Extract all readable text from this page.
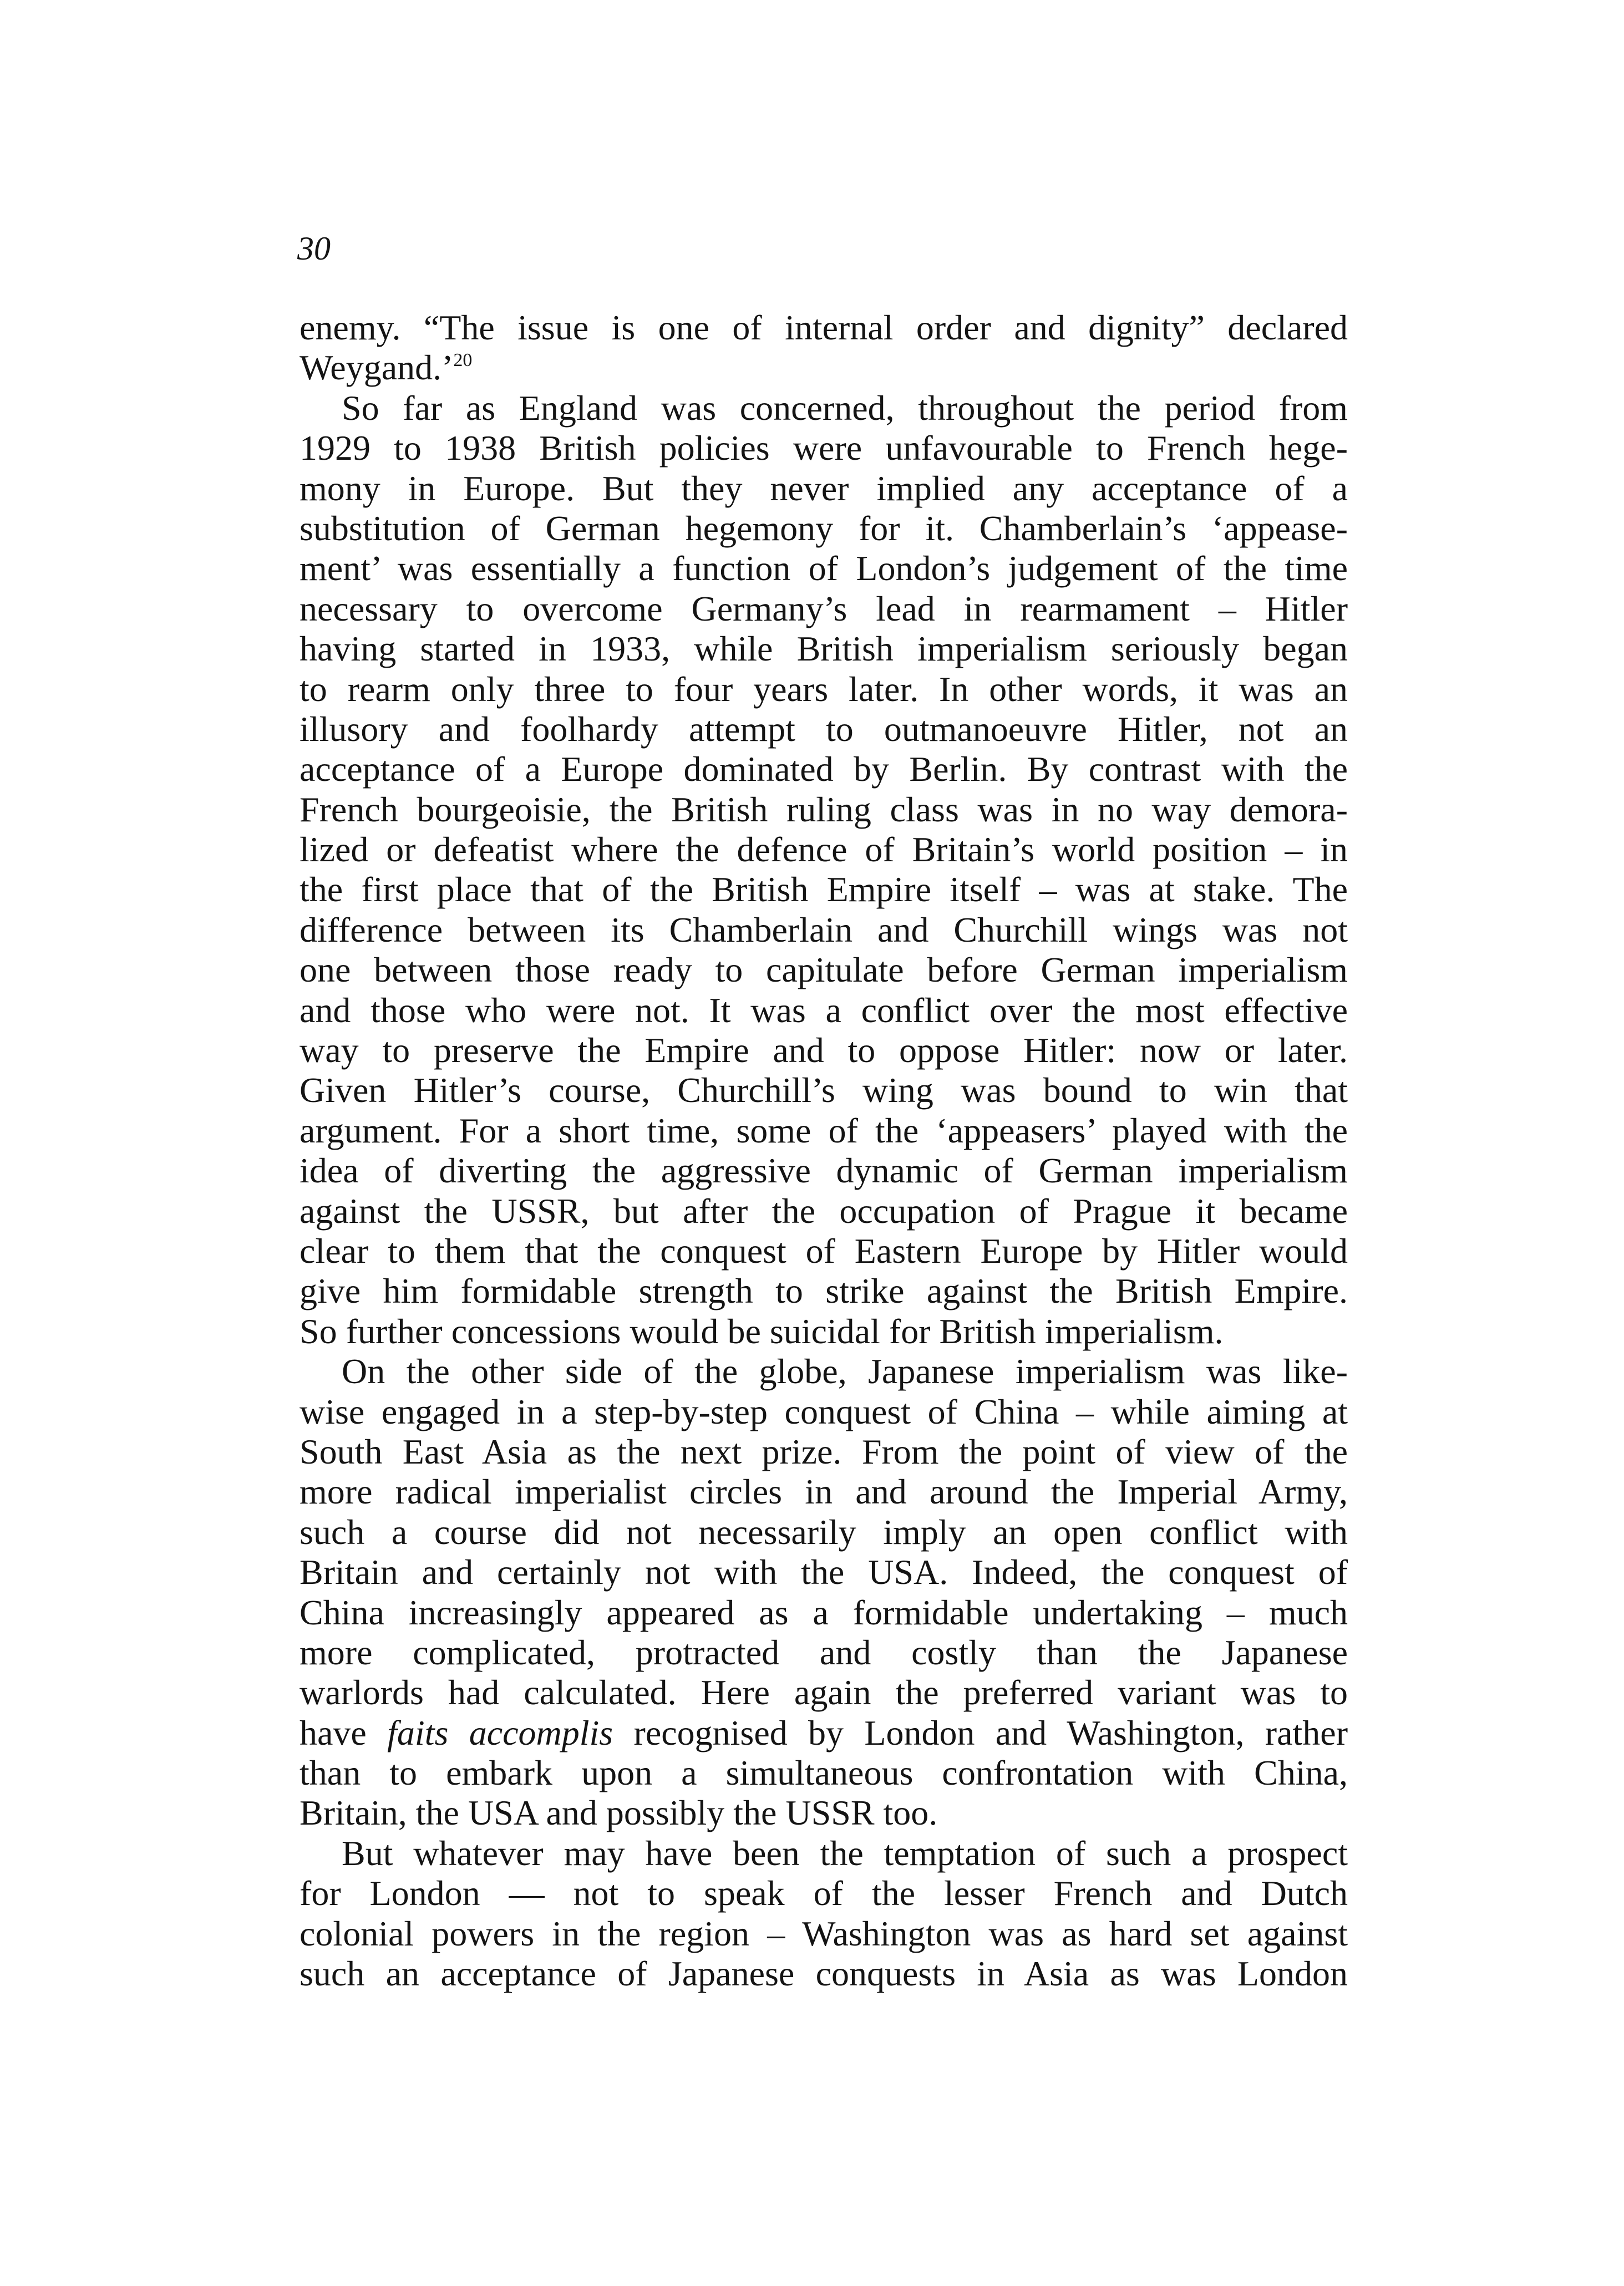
30
enemy. “The issue is one of internal order and dignity” declared
Weygand.’$^{20}$
So far as England was concerned, throughout the period from
1929 to 1938 British policies were unfavourable to French hege-
mony in Europe. But they never implied any acceptance of a
substitution of German hegemony for it. Chamberlain’s ‘appease-
ment’ was essentially a function of London’s judgement of the time
necessary to overcome Germany’s lead in rearmament – Hitler
having started in 1933, while British imperialism seriously began
to rearm only three to four years later. In other words, it was an
illusory and foolhardy attempt to outmanoeuvre Hitler, not an
acceptance of a Europe dominated by Berlin. By contrast with the
French bourgeoisie, the British ruling class was in no way demora-
lized or defeatist where the defence of Britain’s world position – in
the first place that of the British Empire itself – was at stake. The
difference between its Chamberlain and Churchill wings was not
one between those ready to capitulate before German imperialism
and those who were not. It was a conflict over the most effective
way to preserve the Empire and to oppose Hitler: now or later.
Given Hitler’s course, Churchill’s wing was bound to win that
argument. For a short time, some of the ‘appeasers’ played with the
idea of diverting the aggressive dynamic of German imperialism
against the USSR, but after the occupation of Prague it became
clear to them that the conquest of Eastern Europe by Hitler would
give him formidable strength to strike against the British Empire.
So further concessions would be suicidal for British imperialism.
On the other side of the globe, Japanese imperialism was like-
wise engaged in a step-by-step conquest of China – while aiming at
South East Asia as the next prize. From the point of view of the
more radical imperialist circles in and around the Imperial Army,
such a course did not necessarily imply an open conflict with
Britain and certainly not with the USA. Indeed, the conquest of
China increasingly appeared as a formidable undertaking – much
more complicated, protracted and costly than the Japanese
warlords had calculated. Here again the preferred variant was to
have faits accomplis recognised by London and Washington, rather
than to embark upon a simultaneous confrontation with China,
Britain, the USA and possibly the USSR too.
But whatever may have been the temptation of such a prospect
for London — not to speak of the lesser French and Dutch
colonial powers in the region – Washington was as hard set against
such an acceptance of Japanese conquests in Asia as was London
